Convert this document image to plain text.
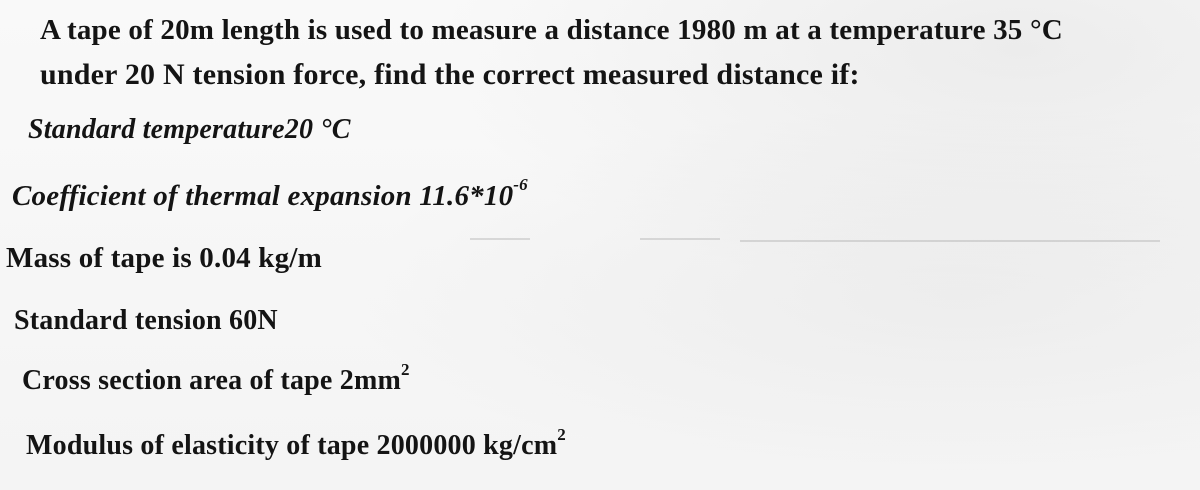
A tape of 20m length is used to measure a distance 1980 m at a temperature 35 °C
under 20 N tension force, find the correct measured distance if:
Standard temperature20 °C
Coefficient of thermal expansion $11.6*10^{-6}$
Mass of tape is 0.04 kg/m
Standard tension 60N
Cross section area of tape $2mm^2$
Modulus of elasticity of tape 2000000 $kg/cm^2$
